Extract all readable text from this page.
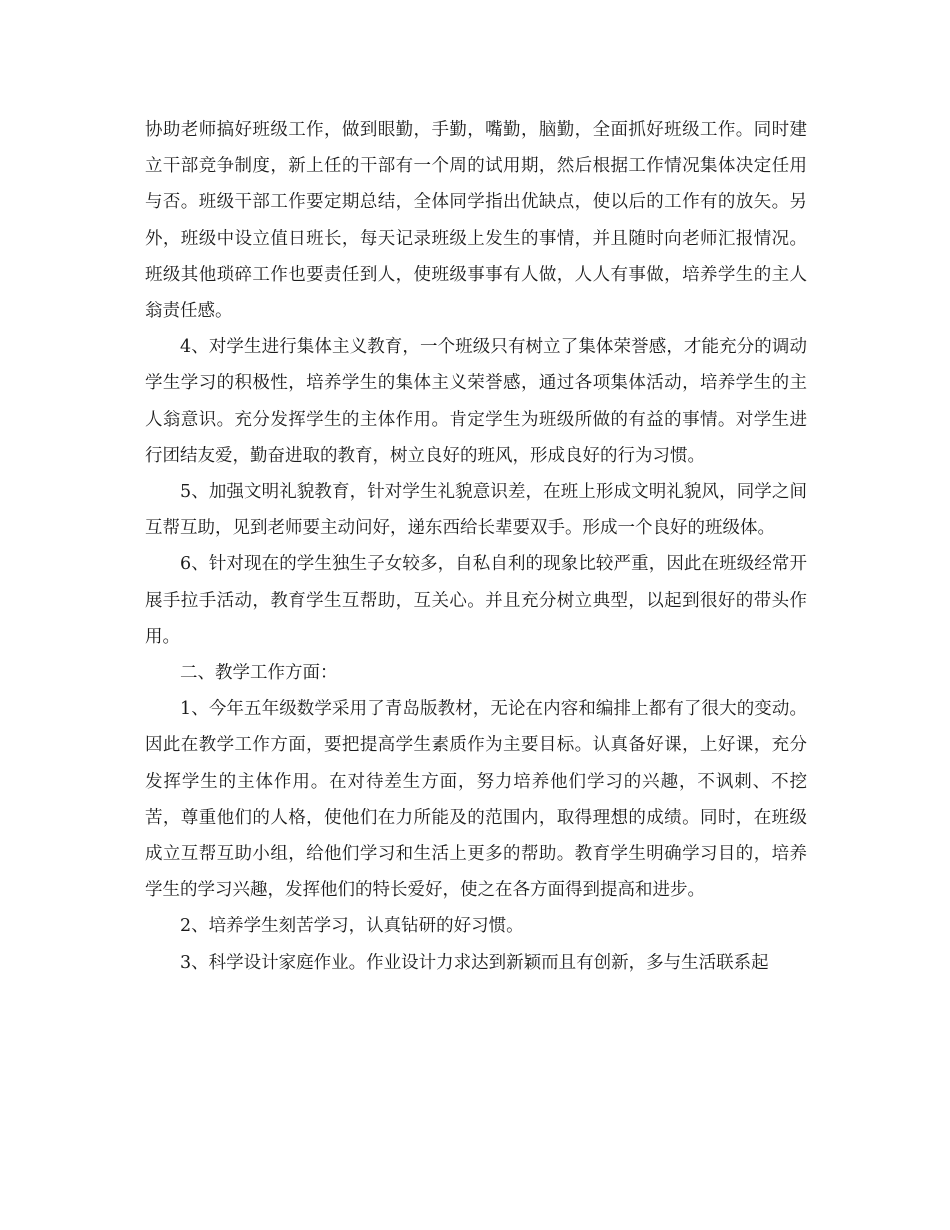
协助老师搞好班级工作，做到眼勤，手勤，嘴勤，脑勤，全面抓好班级工作。同时建立干部竞争制度，新上任的干部有一个周的试用期，然后根据工作情况集体决定任用与否。班级干部工作要定期总结，全体同学指出优缺点，使以后的工作有的放矢。另外，班级中设立值日班长，每天记录班级上发生的事情，并且随时向老师汇报情况。班级其他琐碎工作也要责任到人，使班级事事有人做，人人有事做，培养学生的主人翁责任感。

4、对学生进行集体主义教育，一个班级只有树立了集体荣誉感，才能充分的调动学生学习的积极性，培养学生的集体主义荣誉感，通过各项集体活动，培养学生的主人翁意识。充分发挥学生的主体作用。肯定学生为班级所做的有益的事情。对学生进行团结友爱，勤奋进取的教育，树立良好的班风，形成良好的行为习惯。

5、加强文明礼貌教育，针对学生礼貌意识差，在班上形成文明礼貌风，同学之间互帮互助，见到老师要主动问好，递东西给长辈要双手。形成一个良好的班级体。

6、针对现在的学生独生子女较多，自私自利的现象比较严重，因此在班级经常开展手拉手活动，教育学生互帮助，互关心。并且充分树立典型，以起到很好的带头作用。

二、教学工作方面：

1、今年五年级数学采用了青岛版教材，无论在内容和编排上都有了很大的变动。因此在教学工作方面，要把提高学生素质作为主要目标。认真备好课，上好课，充分发挥学生的主体作用。在对待差生方面，努力培养他们学习的兴趣，不讽刺、不挖苦，尊重他们的人格，使他们在力所能及的范围内，取得理想的成绩。同时，在班级成立互帮互助小组，给他们学习和生活上更多的帮助。教育学生明确学习目的，培养学生的学习兴趣，发挥他们的特长爱好，使之在各方面得到提高和进步。

2、培养学生刻苦学习，认真钻研的好习惯。

3、科学设计家庭作业。作业设计力求达到新颖而且有创新，多与生活联系起
